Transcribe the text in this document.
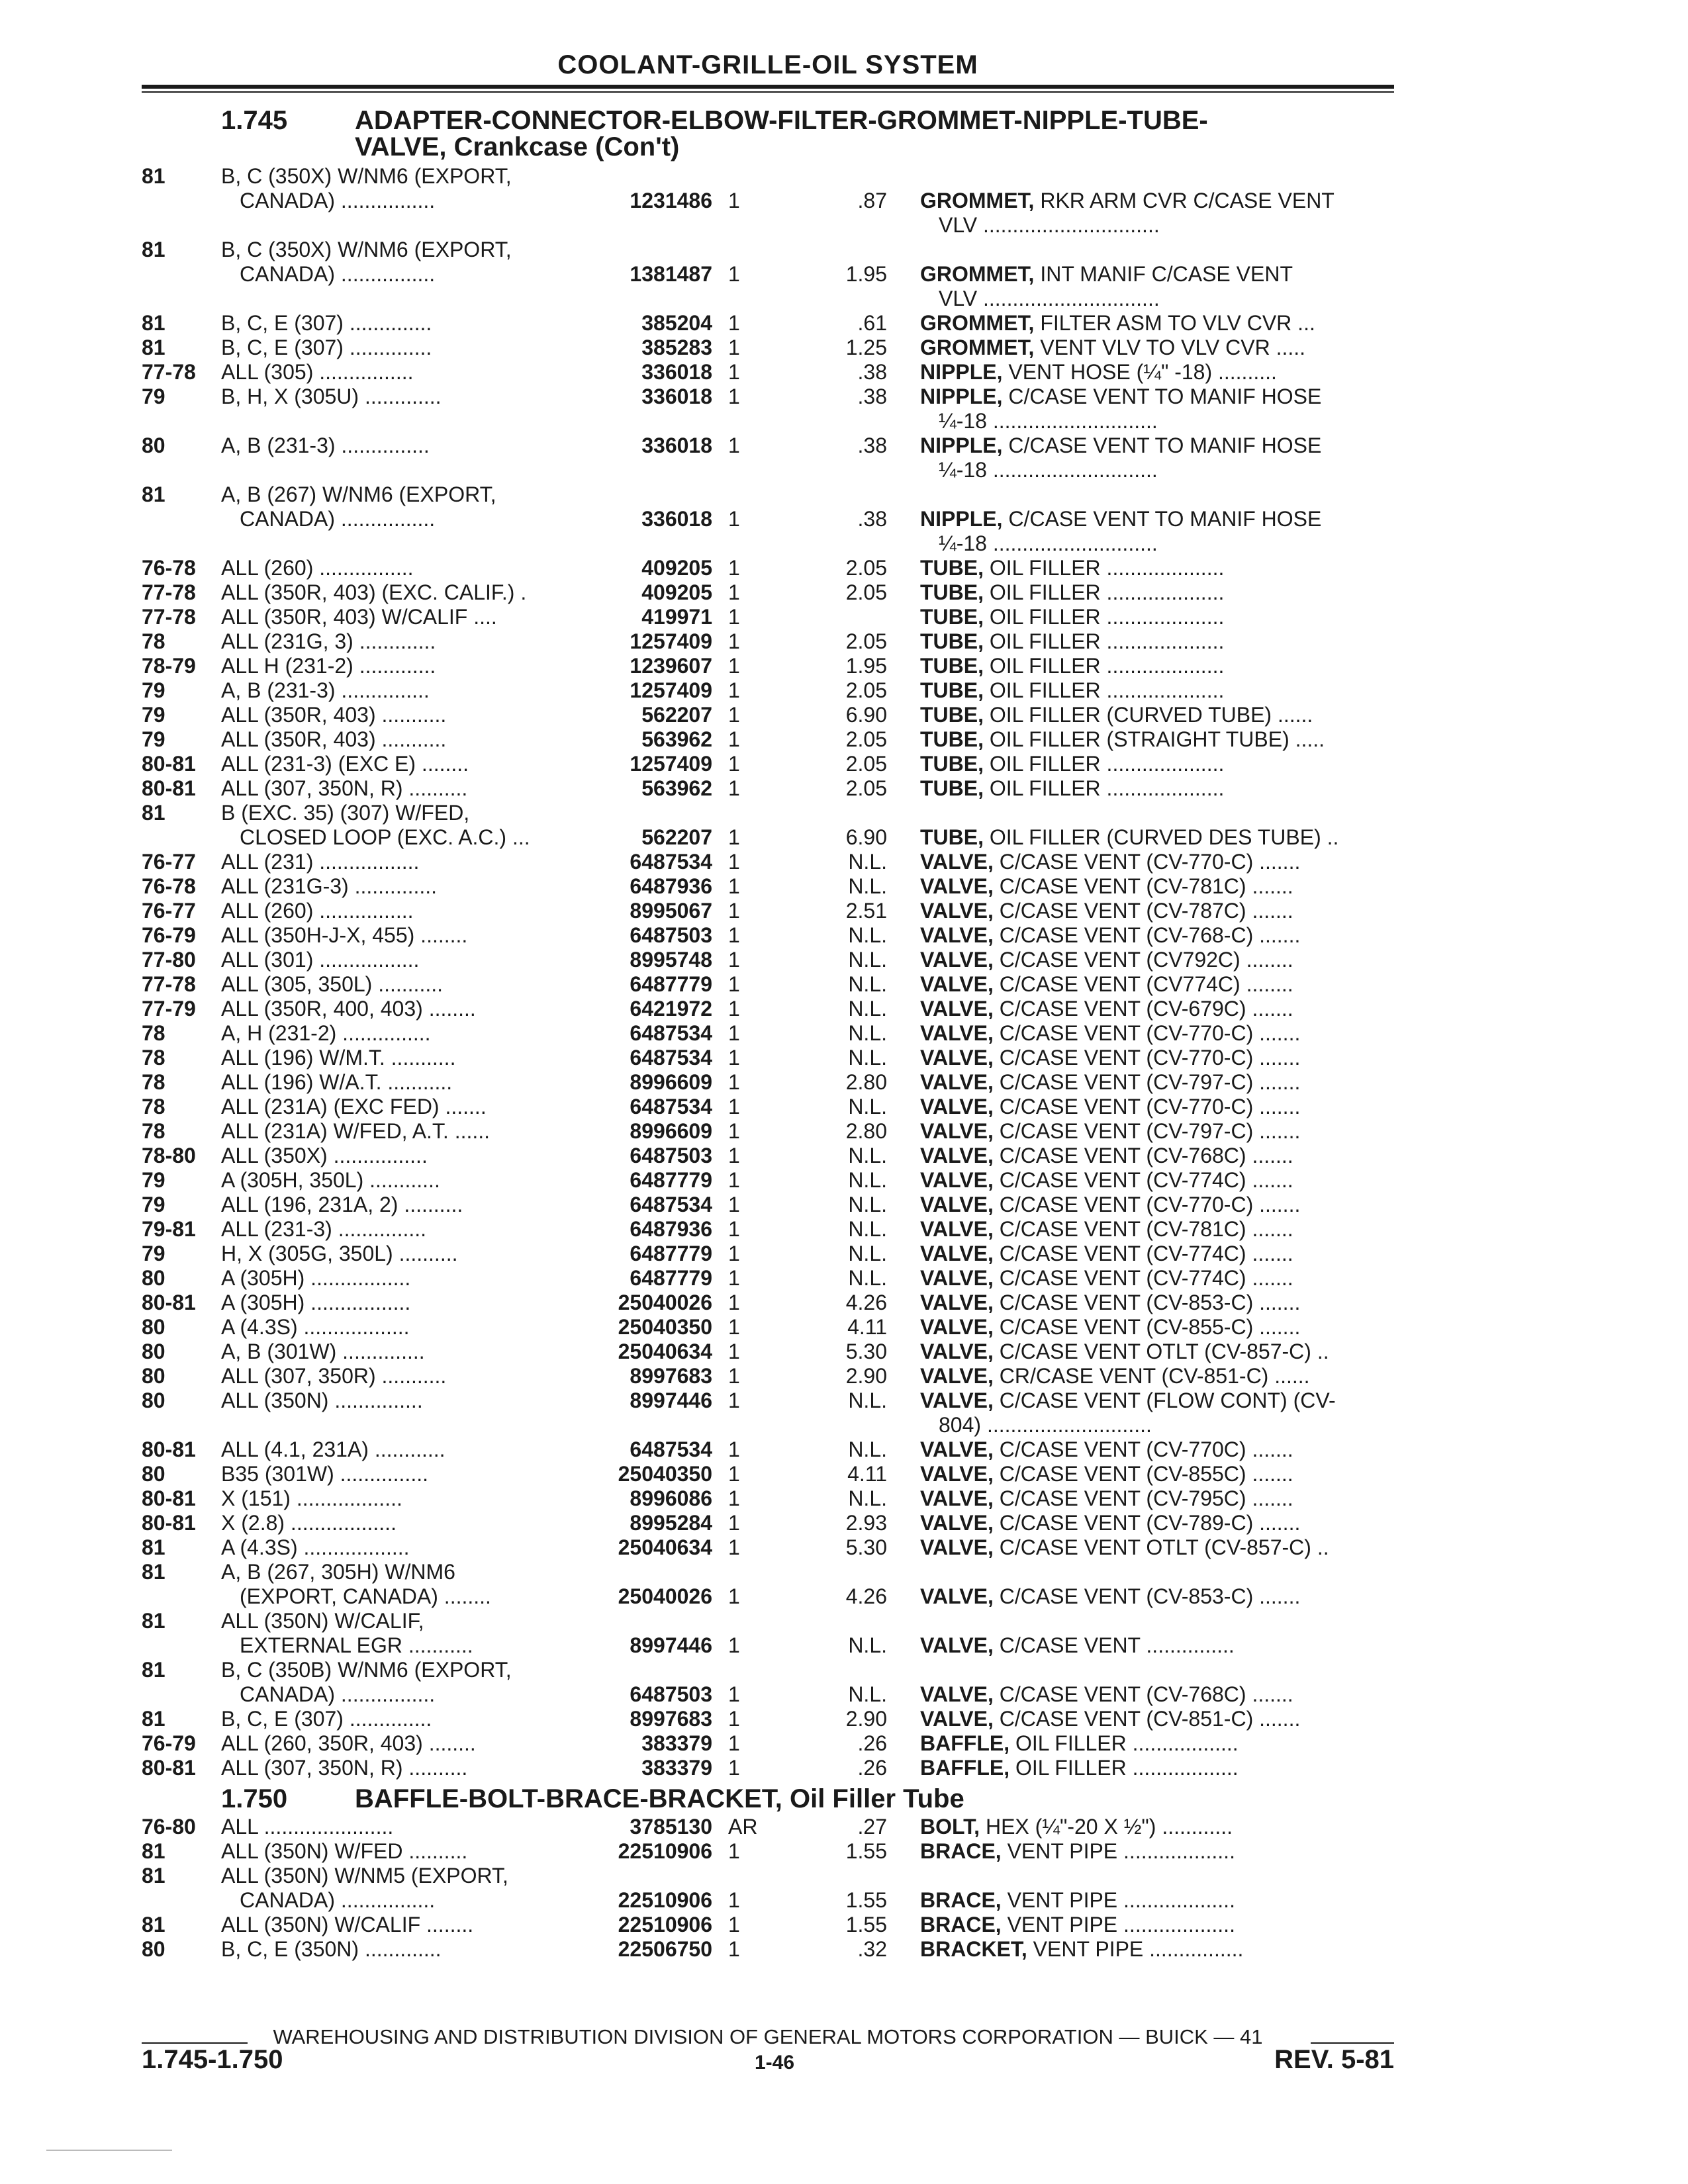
COOLANT-GRILLE-OIL SYSTEM
1.745	ADAPTER-CONNECTOR-ELBOW-FILTER-GROMMET-NIPPLE-TUBE-
VALVE, Crankcase (Con't)
81	B, C (350X) W/NM6 (EXPORT,
CANADA) ................	1231486 1	.87 GROMMET, RKR ARM CVR C/CASE VENT
VLV ..............................
81	B, C (350X) W/NM6 (EXPORT,
CANADA) ................	1381487 1	1.95 GROMMET, INT MANIF C/CASE VENT
VLV ..............................
81	B, C, E (307) ..............	385204 1	.61 GROMMET, FILTER ASM TO VLV CVR ...
81	B, C, E (307) ..............	385283 1	1.25 GROMMET, VENT VLV TO VLV CVR .....
77-78 ALL (305) ................	336018 1	.38 NIPPLE, VENT HOSE (¼" -18) ..........
79	B, H, X (305U) .............	336018 1	.38 NIPPLE, C/CASE VENT TO MANIF HOSE
¼-18 ............................
80	A, B (231-3) ...............	336018 1	.38 NIPPLE, C/CASE VENT TO MANIF HOSE
¼-18 ............................
81	A, B (267) W/NM6 (EXPORT,
CANADA) ................	336018 1	.38 NIPPLE, C/CASE VENT TO MANIF HOSE
¼-18 ............................
76-78 ALL (260) ................	409205 1	2.05 TUBE, OIL FILLER ....................
77-78 ALL (350R, 403) (EXC. CALIF.) .	409205 1	2.05 TUBE, OIL FILLER ....................
77-78 ALL (350R, 403) W/CALIF ....	419971 1	TUBE, OIL FILLER ....................
78	ALL (231G, 3) .............	1257409 1	2.05 TUBE, OIL FILLER ....................
78-79 ALL H (231-2) .............	1239607 1	1.95 TUBE, OIL FILLER ....................
79	A, B (231-3) ...............	1257409 1	2.05 TUBE, OIL FILLER ....................
79	ALL (350R, 403) ...........	562207 1	6.90 TUBE, OIL FILLER (CURVED TUBE) ......
79	ALL (350R, 403) ...........	563962 1	2.05 TUBE, OIL FILLER (STRAIGHT TUBE) .....
80-81 ALL (231-3) (EXC E) ........	1257409 1	2.05 TUBE, OIL FILLER ....................
80-81 ALL (307, 350N, R) ..........	563962 1	2.05 TUBE, OIL FILLER ....................
81	B (EXC. 35) (307) W/FED,
CLOSED LOOP (EXC. A.C.) ...	562207 1	6.90 TUBE, OIL FILLER (CURVED DES TUBE) ..
76-77 ALL (231) .................	6487534 1	N.L. VALVE, C/CASE VENT (CV-770-C) .......
76-78 ALL (231G-3) ..............	6487936 1	N.L. VALVE, C/CASE VENT (CV-781C) .......
76-77 ALL (260) ................	8995067 1	2.51 VALVE, C/CASE VENT (CV-787C) .......
76-79 ALL (350H-J-X, 455) ........	6487503 1	N.L. VALVE, C/CASE VENT (CV-768-C) .......
77-80 ALL (301) .................	8995748 1	N.L. VALVE, C/CASE VENT (CV792C) ........
77-78 ALL (305, 350L) ...........	6487779 1	N.L. VALVE, C/CASE VENT (CV774C) ........
77-79 ALL (350R, 400, 403) ........	6421972 1	N.L. VALVE, C/CASE VENT (CV-679C) .......
78	A, H (231-2) ...............	6487534 1	N.L. VALVE, C/CASE VENT (CV-770-C) .......
78	ALL (196) W/M.T. ...........	6487534 1	N.L. VALVE, C/CASE VENT (CV-770-C) .......
78	ALL (196) W/A.T. ...........	8996609 1	2.80 VALVE, C/CASE VENT (CV-797-C) .......
78	ALL (231A) (EXC FED) .......	6487534 1	N.L. VALVE, C/CASE VENT (CV-770-C) .......
78	ALL (231A) W/FED, A.T. ......	8996609 1	2.80 VALVE, C/CASE VENT (CV-797-C) .......
78-80 ALL (350X) ................	6487503 1	N.L. VALVE, C/CASE VENT (CV-768C) .......
79	A (305H, 350L) ............	6487779 1	N.L. VALVE, C/CASE VENT (CV-774C) .......
79	ALL (196, 231A, 2) ..........	6487534 1	N.L. VALVE, C/CASE VENT (CV-770-C) .......
79-81 ALL (231-3) ...............	6487936 1	N.L. VALVE, C/CASE VENT (CV-781C) .......
79	H, X (305G, 350L) ..........	6487779 1	N.L. VALVE, C/CASE VENT (CV-774C) .......
80	A (305H) .................	6487779 1	N.L. VALVE, C/CASE VENT (CV-774C) .......
80-81 A (305H) .................	25040026 1	4.26 VALVE, C/CASE VENT (CV-853-C) .......
80	A (4.3S) ..................	25040350 1	4.11 VALVE, C/CASE VENT (CV-855-C) .......
80	A, B (301W) ..............	25040634 1	5.30 VALVE, C/CASE VENT OTLT (CV-857-C) ..
80	ALL (307, 350R) ...........	8997683 1	2.90 VALVE, CR/CASE VENT (CV-851-C) ......
80	ALL (350N) ...............	8997446 1	N.L. VALVE, C/CASE VENT (FLOW CONT) (CV-
804) ............................
80-81 ALL (4.1, 231A) ............	6487534 1	N.L. VALVE, C/CASE VENT (CV-770C) .......
80	B35 (301W) ...............	25040350 1	4.11 VALVE, C/CASE VENT (CV-855C) .......
80-81 X (151) ..................	8996086 1	N.L. VALVE, C/CASE VENT (CV-795C) .......
80-81 X (2.8) ..................	8995284 1	2.93 VALVE, C/CASE VENT (CV-789-C) .......
81	A (4.3S) ..................	25040634 1	5.30 VALVE, C/CASE VENT OTLT (CV-857-C) ..
81	A, B (267, 305H) W/NM6
(EXPORT, CANADA) ........	25040026 1	4.26 VALVE, C/CASE VENT (CV-853-C) .......
81	ALL (350N) W/CALIF,
EXTERNAL EGR ...........	8997446 1	N.L. VALVE, C/CASE VENT ...............
81	B, C (350B) W/NM6 (EXPORT,
CANADA) ................	6487503 1	N.L. VALVE, C/CASE VENT (CV-768C) .......
81	B, C, E (307) ..............	8997683 1	2.90 VALVE, C/CASE VENT (CV-851-C) .......
76-79 ALL (260, 350R, 403) ........	383379 1	.26 BAFFLE, OIL FILLER ..................
80-81 ALL (307, 350N, R) ..........	383379 1	.26 BAFFLE, OIL FILLER ..................
1.750	BAFFLE-BOLT-BRACE-BRACKET, Oil Filler Tube
76-80 ALL ......................	3785130 AR	.27 BOLT, HEX (¼"-20 X ½") ............
81	ALL (350N) W/FED ..........	22510906 1	1.55 BRACE, VENT PIPE ...................
81	ALL (350N) W/NM5 (EXPORT,
CANADA) ................	22510906 1	1.55 BRACE, VENT PIPE ...................
81	ALL (350N) W/CALIF ........	22510906 1	1.55 BRACE, VENT PIPE ...................
80	B, C, E (350N) .............	22506750 1	.32 BRACKET, VENT PIPE ................
WAREHOUSING AND DISTRIBUTION DIVISION OF GENERAL MOTORS CORPORATION — BUICK — 41
1.745-1.750	1-46	REV. 5-81
